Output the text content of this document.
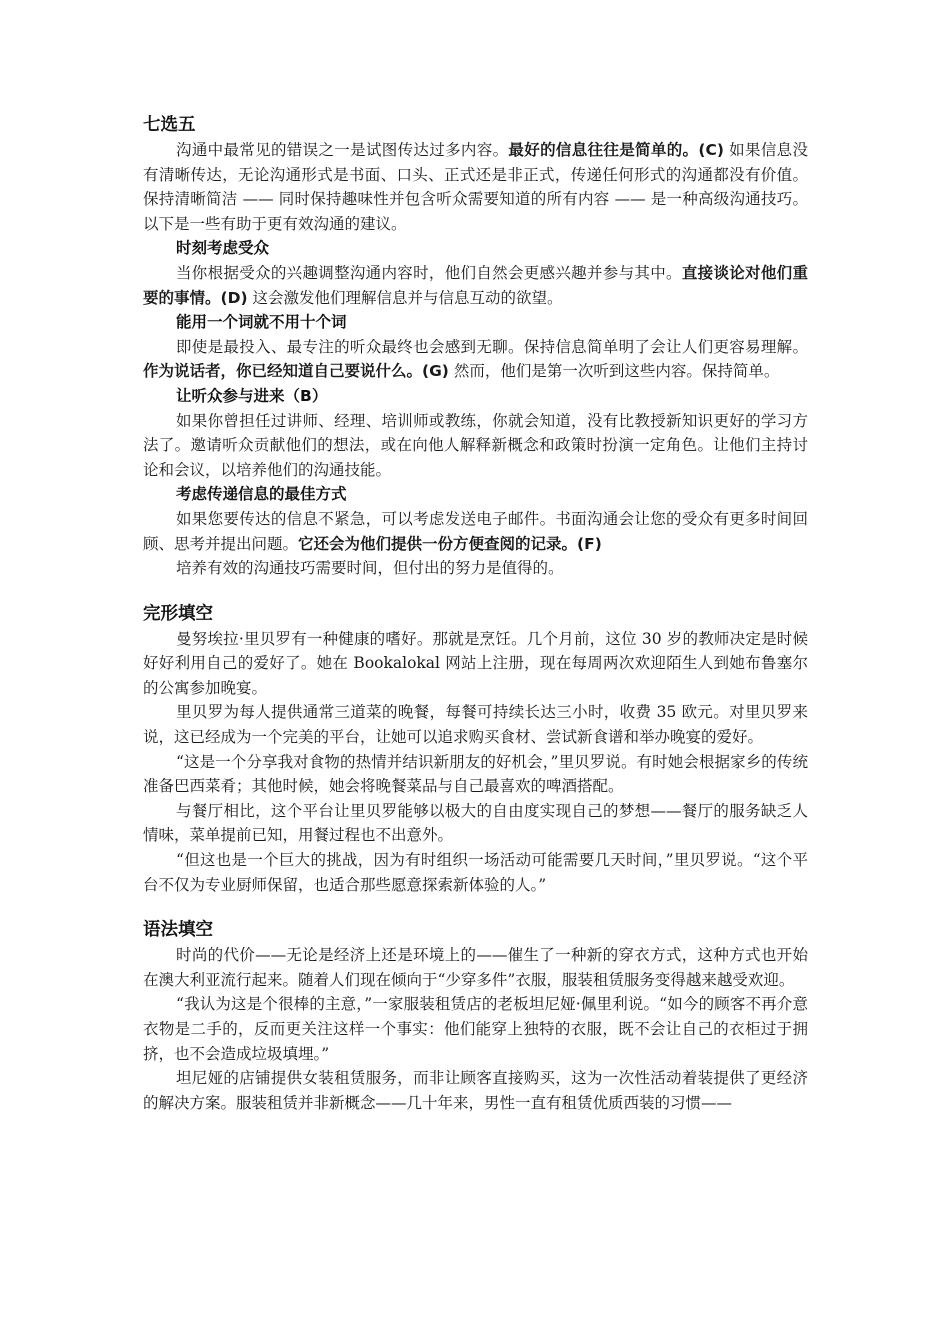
七选五

沟通中最常见的错误之一是试图传达过多内容。最好的信息往往是简单的。(C) 如果信息没有清晰传达，无论沟通形式是书面、口头、正式还是非正式，传递任何形式的沟通都没有价值。保持清晰简洁 —— 同时保持趣味性并包含听众需要知道的所有内容 —— 是一种高级沟通技巧。以下是一些有助于更有效沟通的建议。

时刻考虑受众

当你根据受众的兴趣调整沟通内容时，他们自然会更感兴趣并参与其中。直接谈论对他们重要的事情。(D) 这会激发他们理解信息并与信息互动的欲望。

能用一个词就不用十个词

即使是最投入、最专注的听众最终也会感到无聊。保持信息简单明了会让人们更容易理解。作为说话者，你已经知道自己要说什么。(G) 然而，他们是第一次听到这些内容。保持简单。

让听众参与进来（B）

如果你曾担任过讲师、经理、培训师或教练，你就会知道，没有比教授新知识更好的学习方法了。邀请听众贡献他们的想法，或在向他人解释新概念和政策时扮演一定角色。让他们主持讨论和会议，以培养他们的沟通技能。

考虑传递信息的最佳方式

如果您要传达的信息不紧急，可以考虑发送电子邮件。书面沟通会让您的受众有更多时间回顾、思考并提出问题。它还会为他们提供一份方便查阅的记录。(F)

培养有效的沟通技巧需要时间，但付出的努力是值得的。

完形填空

曼努埃拉·里贝罗有一种健康的嗜好。那就是烹饪。几个月前，这位 30 岁的教师决定是时候好好利用自己的爱好了。她在 Bookalokal 网站上注册，现在每周两次欢迎陌生人到她布鲁塞尔的公寓参加晚宴。

里贝罗为每人提供通常三道菜的晚餐，每餐可持续长达三小时，收费 35 欧元。对里贝罗来说，这已经成为一个完美的平台，让她可以追求购买食材、尝试新食谱和举办晚宴的爱好。

“这是一个分享我对食物的热情并结识新朋友的好机会，”里贝罗说。有时她会根据家乡的传统准备巴西菜肴；其他时候，她会将晚餐菜品与自己最喜欢的啤酒搭配。

与餐厅相比，这个平台让里贝罗能够以极大的自由度实现自己的梦想——餐厅的服务缺乏人情味，菜单提前已知，用餐过程也不出意外。

“但这也是一个巨大的挑战，因为有时组织一场活动可能需要几天时间，”里贝罗说。“这个平台不仅为专业厨师保留，也适合那些愿意探索新体验的人。”

语法填空

时尚的代价——无论是经济上还是环境上的——催生了一种新的穿衣方式，这种方式也开始在澳大利亚流行起来。随着人们现在倾向于“少穿多件”衣服，服装租赁服务变得越来越受欢迎。

“我认为这是个很棒的主意，”一家服装租赁店的老板坦尼娅·佩里利说。“如今的顾客不再介意衣物是二手的，反而更关注这样一个事实：他们能穿上独特的衣服，既不会让自己的衣柜过于拥挤，也不会造成垃圾填埋。”

坦尼娅的店铺提供女装租赁服务，而非让顾客直接购买，这为一次性活动着装提供了更经济的解决方案。服装租赁并非新概念——几十年来，男性一直有租赁优质西装的习惯——
